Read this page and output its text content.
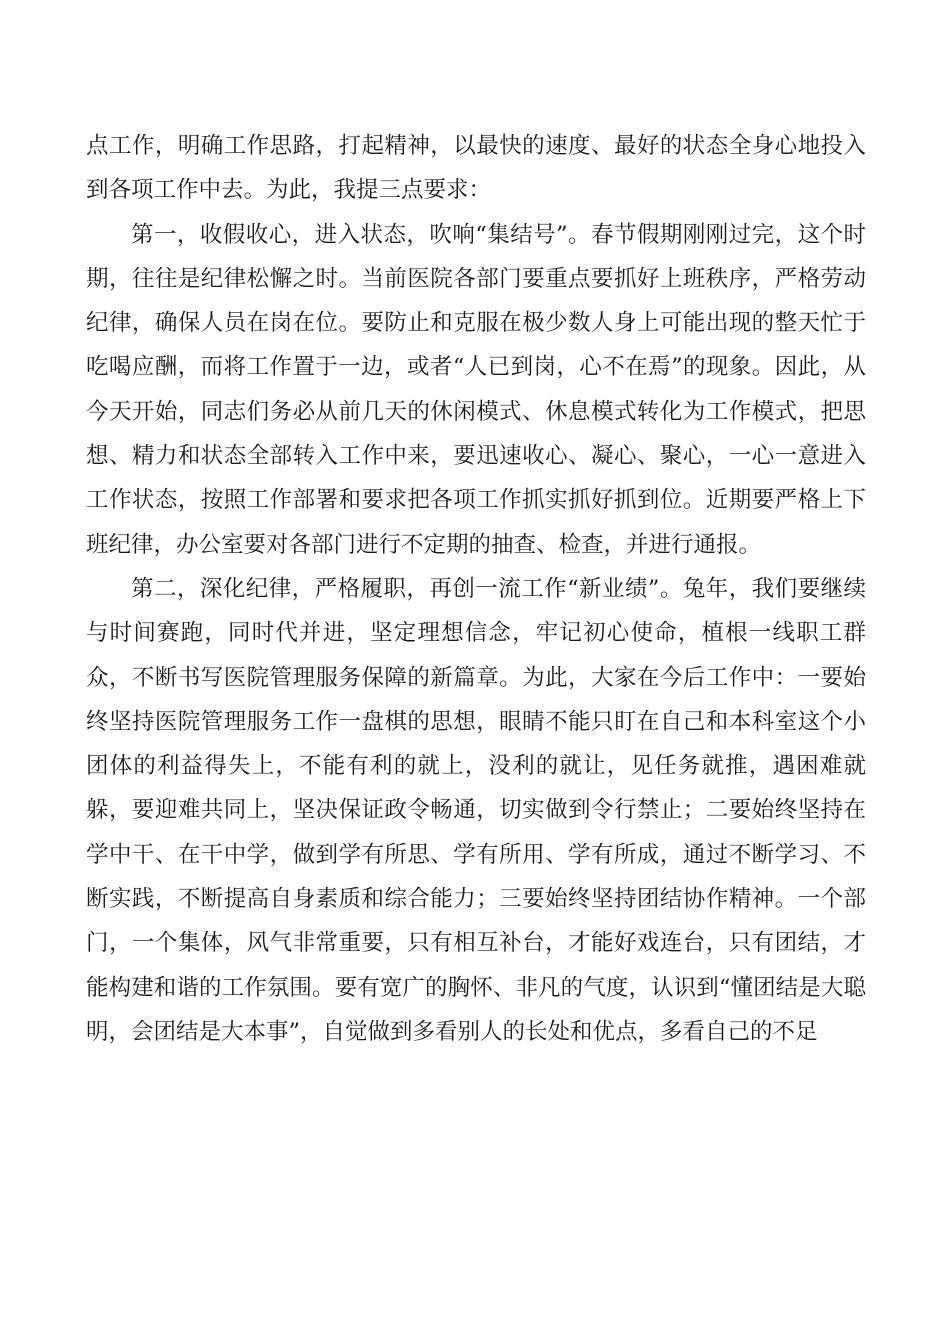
点工作，明确工作思路，打起精神，以最快的速度、最好的状态全身心地投入到各项工作中去。为此，我提三点要求：

第一，收假收心，进入状态，吹响“集结号”。春节假期刚刚过完，这个时期，往往是纪律松懈之时。当前医院各部门要重点要抓好上班秩序，严格劳动纪律，确保人员在岗在位。要防止和克服在极少数人身上可能出现的整天忙于吃喝应酬，而将工作置于一边，或者“人已到岗，心不在焉”的现象。因此，从今天开始，同志们务必从前几天的休闲模式、休息模式转化为工作模式，把思想、精力和状态全部转入工作中来，要迅速收心、凝心、聚心，一心一意进入工作状态，按照工作部署和要求把各项工作抓实抓好抓到位。近期要严格上下班纪律，办公室要对各部门进行不定期的抽查、检查，并进行通报。

第二，深化纪律，严格履职，再创一流工作“新业绩”。兔年，我们要继续与时间赛跑，同时代并进，坚定理想信念，牢记初心使命，植根一线职工群众，不断书写医院管理服务保障的新篇章。为此，大家在今后工作中：一要始终坚持医院管理服务工作一盘棋的思想，眼睛不能只盯在自己和本科室这个小团体的利益得失上，不能有利的就上，没利的就让，见任务就推，遇困难就躲，要迎难共同上，坚决保证政令畅通，切实做到令行禁止；二要始终坚持在学中干、在干中学，做到学有所思、学有所用、学有所成，通过不断学习、不断实践，不断提高自身素质和综合能力；三要始终坚持团结协作精神。一个部门，一个集体，风气非常重要，只有相互补台，才能好戏连台，只有团结，才能构建和谐的工作氛围。要有宽广的胸怀、非凡的气度，认识到“懂团结是大聪明，会团结是大本事”，自觉做到多看别人的长处和优点，多看自己的不足
